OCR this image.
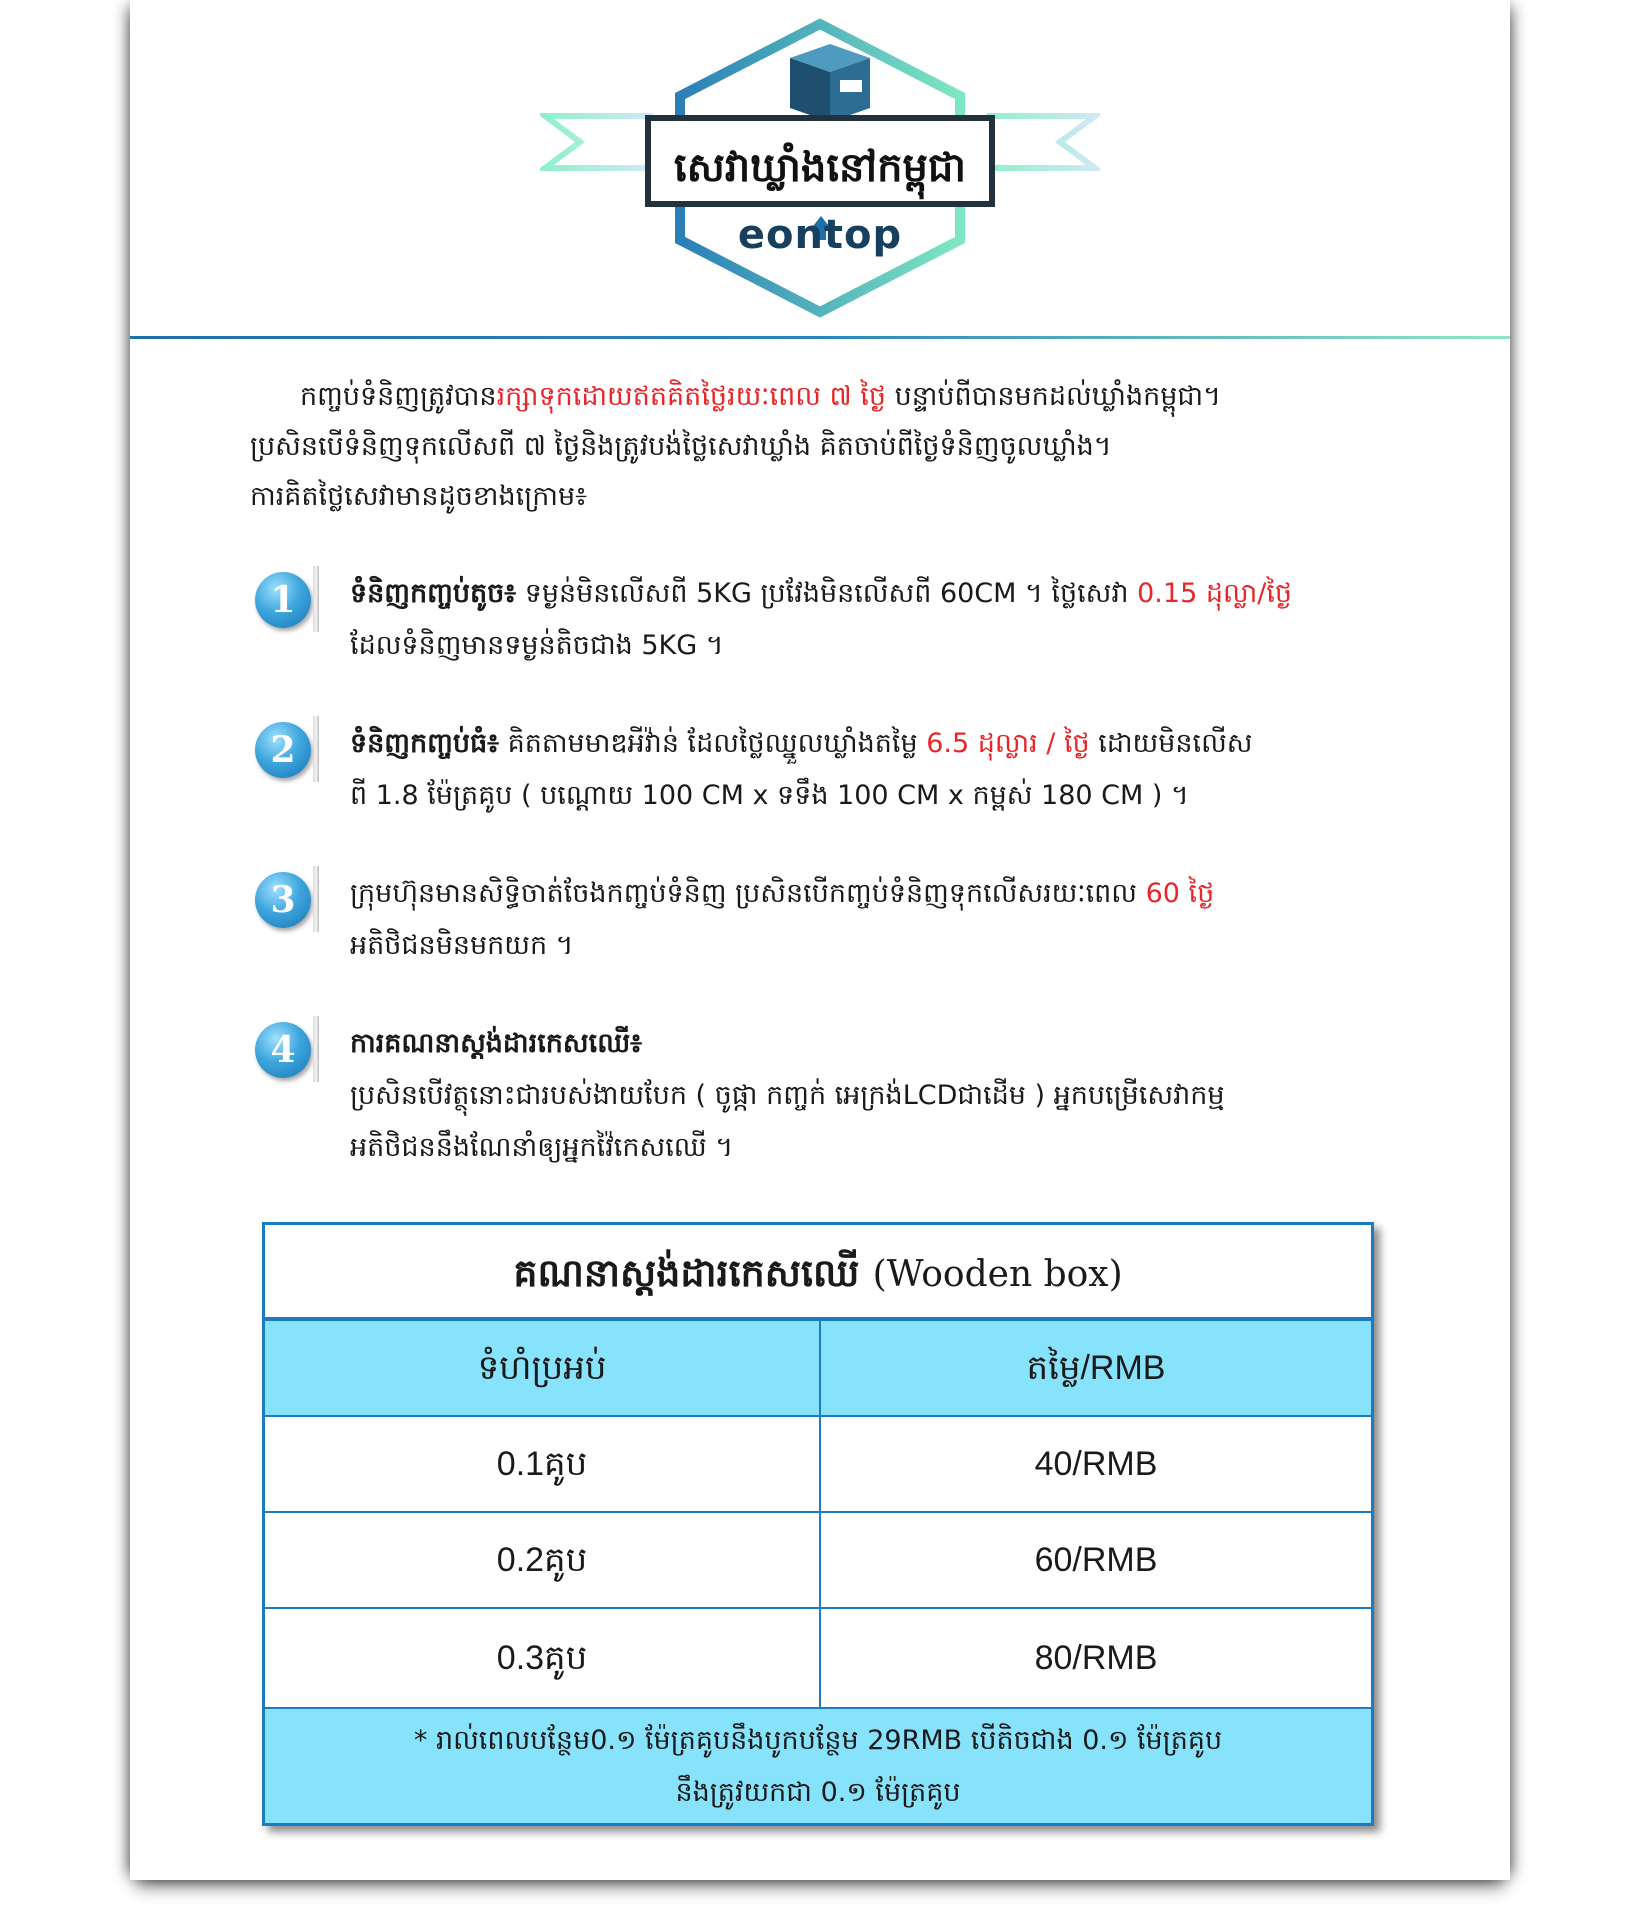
សេវាឃ្លាំងនៅកម្ពុជា
eontop

កញ្ចប់ទំនិញត្រូវបានរក្សាទុកដោយឥតគិតថ្លៃរយៈពេល ៧ ថ្ងៃ បន្ទាប់ពីបានមកដល់ឃ្លាំងកម្ពុជា។

ប្រសិនបើទំនិញទុកលើសពី ៧ ថ្ងៃនិងត្រូវបង់ថ្លៃសេវាឃ្លាំង គិតចាប់ពីថ្ងៃទំនិញចូលឃ្លាំង។

ការគិតថ្លៃសេវាមានដូចខាងក្រោម៖

1	ទំនិញកញ្ចប់តូច៖ ទម្ងន់មិនលើសពី 5KG ប្រវែងមិនលើសពី 60CM ។ ថ្លៃសេវា 0.15 ដុល្លា/ថ្ងៃ

ដែលទំនិញមានទម្ងន់តិចជាង 5KG ។

2	ទំនិញកញ្ចប់ធំ៖ គិតតាមមាឌអីវ៉ាន់ ដែលថ្លៃឈ្នួលឃ្លាំងតម្លៃ 6.5 ដុល្លារ / ថ្ងៃ ដោយមិនលើស

ពី 1.8 ម៉ែត្រគូប ( បណ្តោយ 100 CM x ទទឹង 100 CM x កម្ពស់ 180 CM ) ។

3	ក្រុមហ៊ុនមានសិទ្ធិចាត់ចែងកញ្ចប់ទំនិញ ប្រសិនបើកញ្ចប់ទំនិញទុកលើសរយៈពេល 60 ថ្ងៃ

អតិថិជនមិនមកយក ។

4	ការគណនាស្តង់ដារកេសឈើ៖

ប្រសិនបើវត្ថុនោះជារបស់ងាយបែក ( ចូផ្កា កញ្ចក់ អេក្រង់LCDជាដើម ) អ្នកបម្រើសេវាកម្ម

អតិថិជននឹងណែនាំឲ្យអ្នកវ៉ៃកេសឈើ ។

គណនាស្តង់ដារកេសឈើ (Wooden box)
ទំហំប្រអប់	តម្លៃ/RMB
0.1គូប	40/RMB
0.2គូប	60/RMB
0.3គូប	80/RMB

* រាល់ពេលបន្ថែម0.១ ម៉ែត្រគូបនឹងបូកបន្ថែម 29RMB បើតិចជាង 0.១ ម៉ែត្រគូប

នឹងត្រូវយកជា 0.១ ម៉ែត្រគូប
